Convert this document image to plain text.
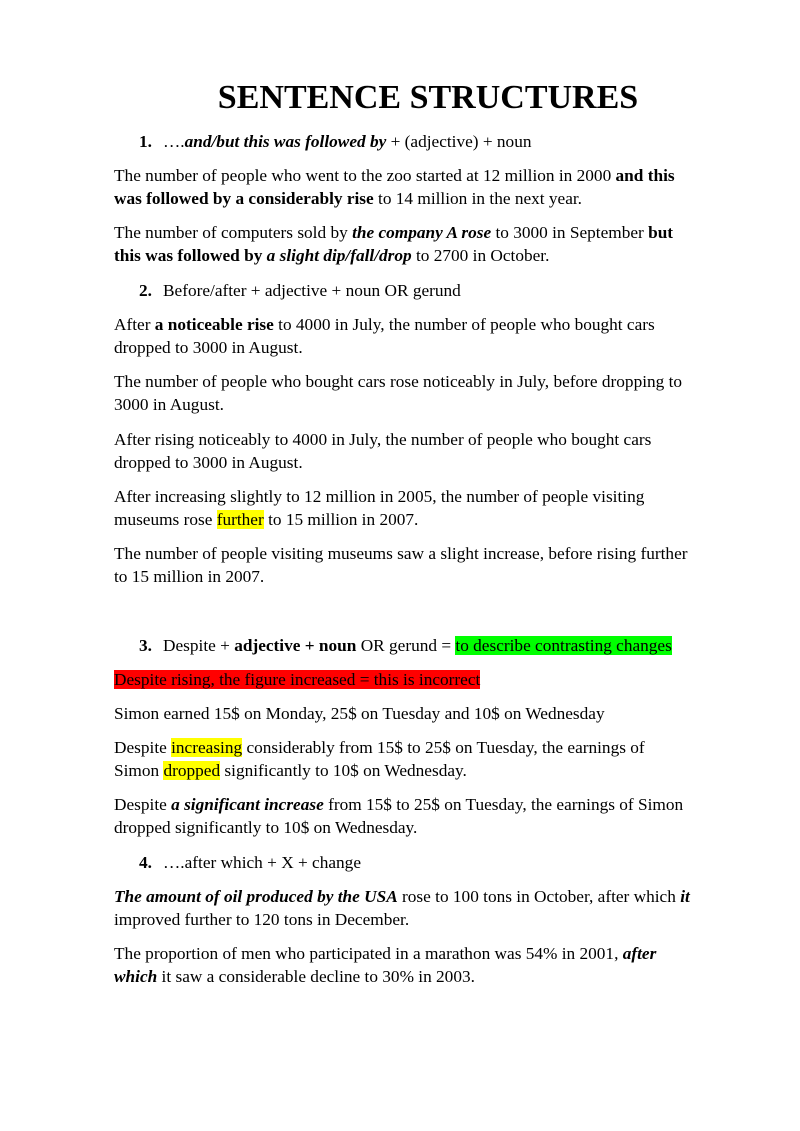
SENTENCE STRUCTURES

1. ….and/but this was followed by + (adjective) + noun

The number of people who went to the zoo started at 12 million in 2000 and this

was followed by a considerably rise to 14 million in the next year.

The number of computers sold by the company A rose to 3000 in September but

this was followed by a slight dip/fall/drop to 2700 in October.

2. Before/after + adjective + noun OR gerund

After a noticeable rise to 4000 in July, the number of people who bought cars

dropped to 3000 in August.

The number of people who bought cars rose noticeably in July, before dropping to

3000 in August.

After rising noticeably to 4000 in July, the number of people who bought cars

dropped to 3000 in August.

After increasing slightly to 12 million in 2005, the number of people visiting

museums rose further to 15 million in 2007.

The number of people visiting museums saw a slight increase, before rising further

to 15 million in 2007.

3. Despite + adjective + noun OR gerund = to describe contrasting changes

Despite rising, the figure increased = this is incorrect

Simon earned 15$ on Monday, 25$ on Tuesday and 10$ on Wednesday

Despite increasing considerably from 15$ to 25$ on Tuesday, the earnings of

Simon dropped significantly to 10$ on Wednesday.

Despite a significant increase from 15$ to 25$ on Tuesday, the earnings of Simon

dropped significantly to 10$ on Wednesday.

4. ….after which + X + change

The amount of oil produced by the USA rose to 100 tons in October, after which it

improved further to 120 tons in December.

The proportion of men who participated in a marathon was 54% in 2001, after

which it saw a considerable decline to 30% in 2003.
